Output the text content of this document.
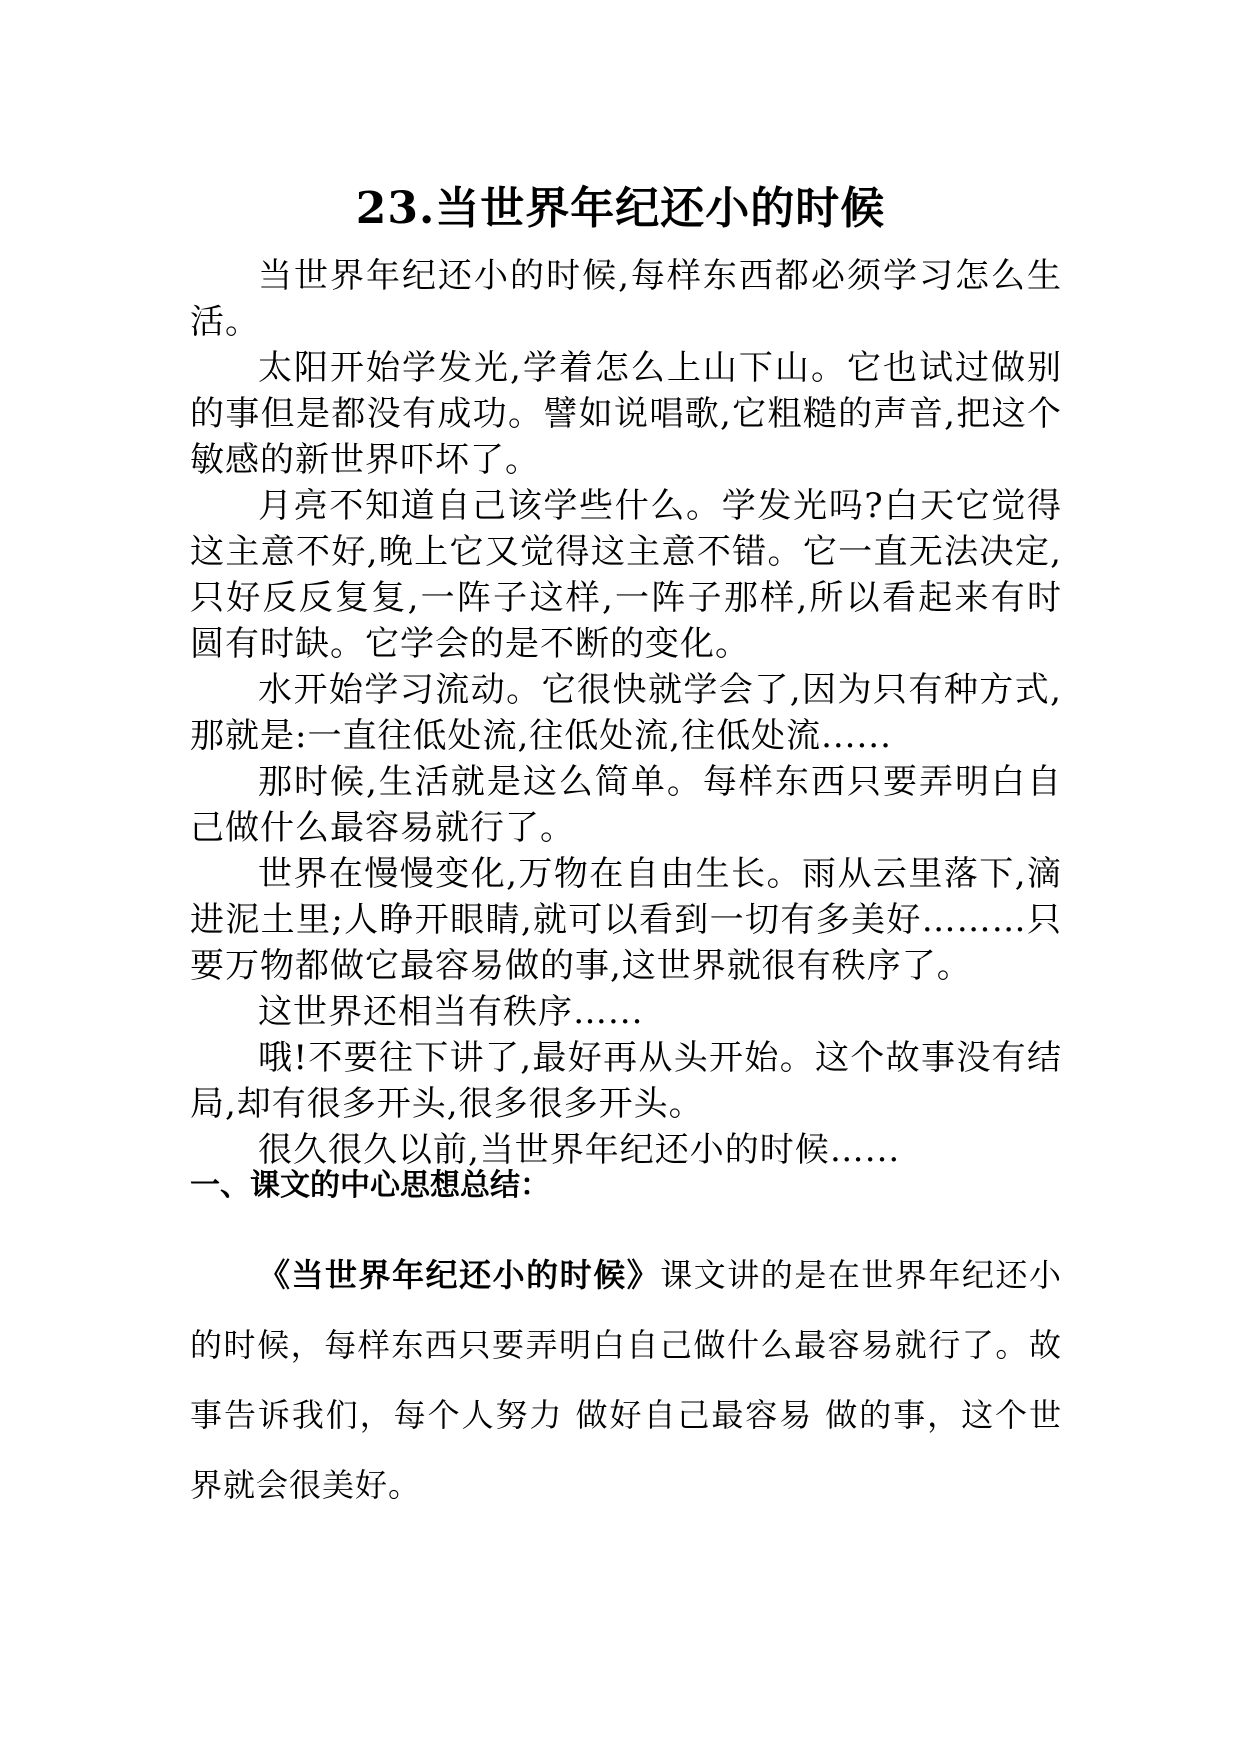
23.当世界年纪还小的时候

当世界年纪还小的时候,每样东西都必须学习怎么生活。

太阳开始学发光,学着怎么上山下山。它也试过做别的事但是都没有成功。譬如说唱歌,它粗糙的声音,把这个敏感的新世界吓坏了。

月亮不知道自己该学些什么。学发光吗?白天它觉得这主意不好,晚上它又觉得这主意不错。它一直无法决定,只好反反复复,一阵子这样,一阵子那样,所以看起来有时圆有时缺。它学会的是不断的变化。

水开始学习流动。它很快就学会了,因为只有种方式,那就是:一直往低处流,往低处流,往低处流......

那时候,生活就是这么简单。每样东西只要弄明白自己做什么最容易就行了。

世界在慢慢变化,万物在自由生长。雨从云里落下,滴进泥土里;人睁开眼睛,就可以看到一切有多美好………只要万物都做它最容易做的事,这世界就很有秩序了。

这世界还相当有秩序…...

哦!不要往下讲了,最好再从头开始。这个故事没有结局,却有很多开头,很多很多开头。

很久很久以前,当世界年纪还小的时候…...

一、课文的中心思想总结：

《当世界年纪还小的时候》课文讲的是在世界年纪还小的时候，每样东西只要弄明白自己做什么最容易就行了。故事告诉我们，每个人努力 做好自己最容易 做的事，这个世界就会很美好。
